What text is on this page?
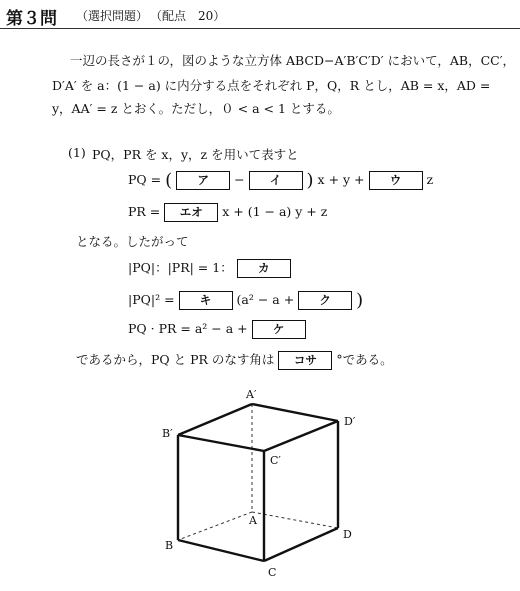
第３問 （選択問題） （配点　20）
一辺の長さが１の，図のような立方体 ABCD−A′B′C′D′ において，AB，CC′，
D′A′ を a：(1 − a) に内分する点をそれぞれ P，Q，R とし，AB = x，AD =
y，AA′ = z とおく。ただし，０ < a < 1 とする。
(1) PQ，PR を x，y，z を用いて表すと
PQ = ( ア − イ ) x + y + ウ z
PR = エオ x + (1 − a) y + z
となる。したがって
|PQ|：|PR| = 1： カ
|PQ|² = キ (a² − a + ク )
PQ · PR = a² − a + ケ
であるから，PQ と PR のなす角は コサ °である。
A′
B′
C′
D′
A
B
C
D
